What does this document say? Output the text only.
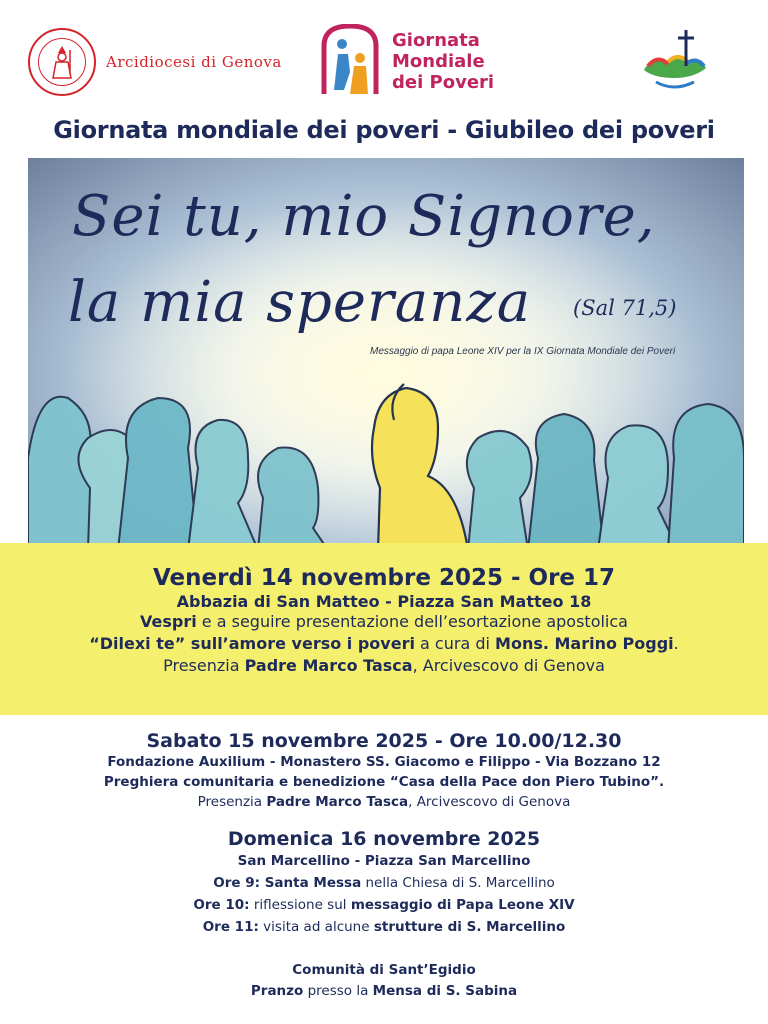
Arcidiocesi di Genova
Giornata
Mondiale
dei Poveri
Giornata mondiale dei poveri - Giubileo dei poveri
Sei tu, mio Signore,
la mia speranza (Sal 71,5)
Messaggio di papa Leone XIV per la IX Giornata Mondiale dei Poveri
Venerdì 14 novembre 2025 - Ore 17
Abbazia di San Matteo - Piazza San Matteo 18
Vespri e a seguire presentazione dell’esortazione apostolica
“Dilexi te” sull’amore verso i poveri a cura di Mons. Marino Poggi.
Presenzia Padre Marco Tasca, Arcivescovo di Genova
Sabato 15 novembre 2025 - Ore 10.00/12.30
Fondazione Auxilium - Monastero SS. Giacomo e Filippo - Via Bozzano 12
Preghiera comunitaria e benedizione “Casa della Pace don Piero Tubino”.
Presenzia Padre Marco Tasca, Arcivescovo di Genova
Domenica 16 novembre 2025
San Marcellino - Piazza San Marcellino
Ore 9: Santa Messa nella Chiesa di S. Marcellino
Ore 10: riflessione sul messaggio di Papa Leone XIV
Ore 11: visita ad alcune strutture di S. Marcellino
Comunità di Sant’Egidio
Pranzo presso la Mensa di S. Sabina
